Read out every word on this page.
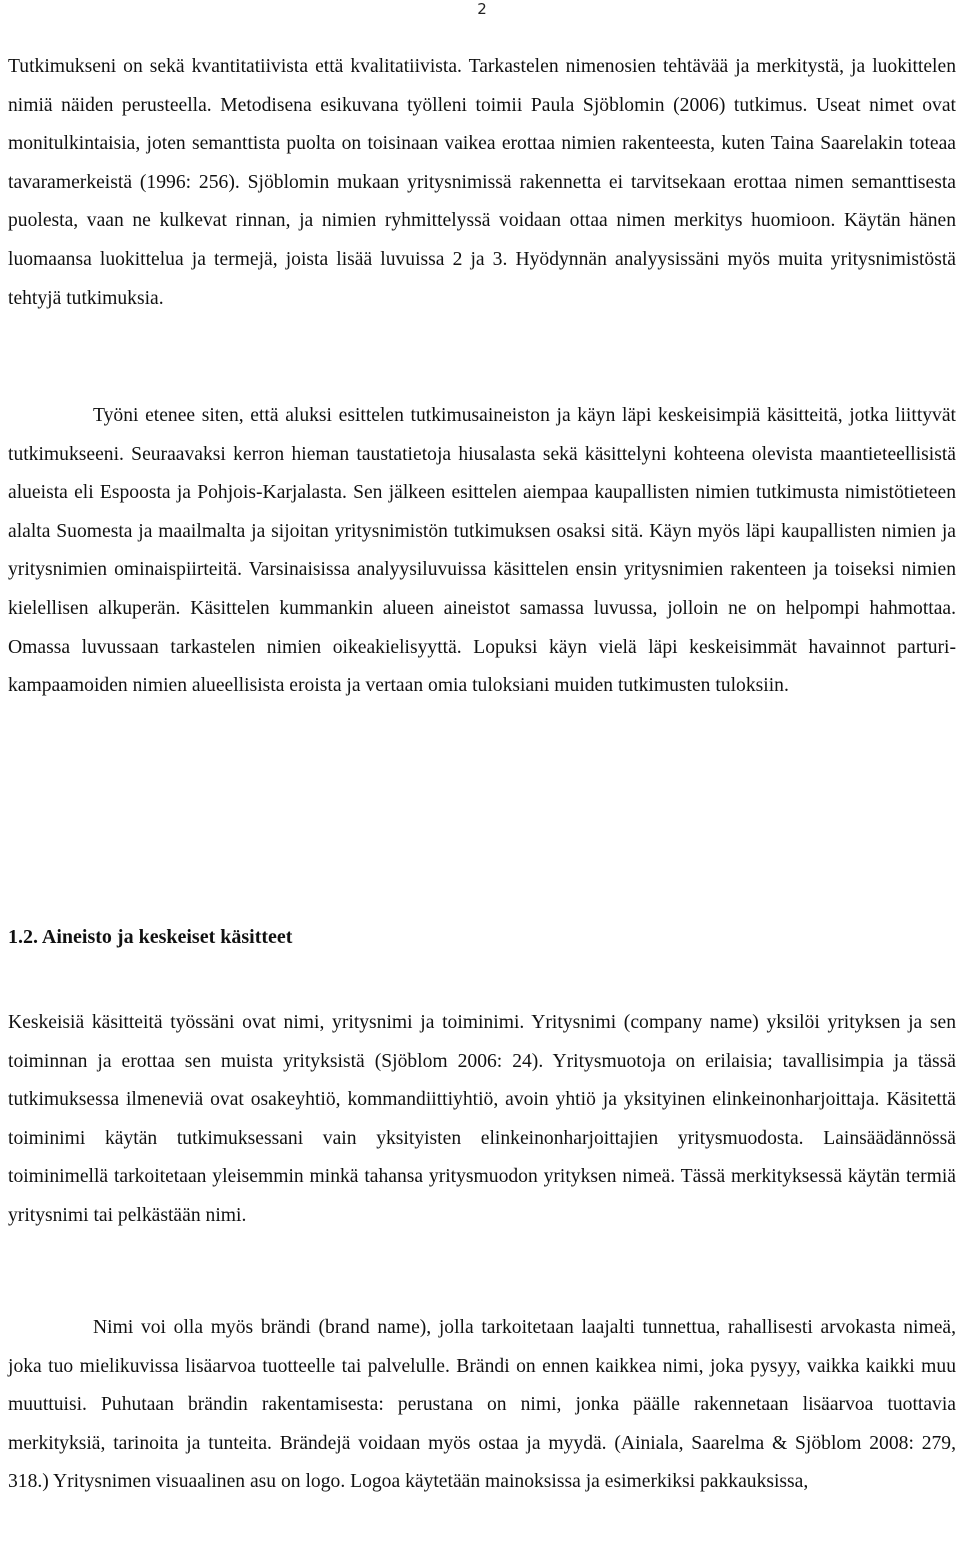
2

Tutkimukseni on sekä kvantitatiivista että kvalitatiivista. Tarkastelen nimenosien tehtävää ja merkitystä, ja luokittelen nimiä näiden perusteella. Metodisena esikuvana työlleni toimii Paula Sjöblomin (2006) tutkimus. Useat nimet ovat monitulkintaisia, joten semanttista puolta on toisinaan vaikea erottaa nimien rakenteesta, kuten Taina Saarelakin toteaa tavaramerkeistä (1996: 256). Sjöblomin mukaan yritysnimissä rakennetta ei tarvitsekaan erottaa nimen semanttisesta puolesta, vaan ne kulkevat rinnan, ja nimien ryhmittelyssä voidaan ottaa nimen merkitys huomioon. Käytän hänen luomaansa luokittelua ja termejä, joista lisää luvuissa 2 ja 3. Hyödynnän analyysissäni myös muita yritysnimistöstä tehtyjä tutkimuksia.

Työni etenee siten, että aluksi esittelen tutkimusaineiston ja käyn läpi keskeisimpiä käsitteitä, jotka liittyvät tutkimukseeni. Seuraavaksi kerron hieman taustatietoja hiusalasta sekä käsittelyni kohteena olevista maantieteellisistä alueista eli Espoosta ja Pohjois-Karjalasta. Sen jälkeen esittelen aiempaa kaupallisten nimien tutkimusta nimistötieteen alalta Suomesta ja maailmalta ja sijoitan yritysnimistön tutkimuksen osaksi sitä. Käyn myös läpi kaupallisten nimien ja yritysnimien ominaispiirteitä. Varsinaisissa analyysiluvuissa käsittelen ensin yritysnimien rakenteen ja toiseksi nimien kielellisen alkuperän. Käsittelen kummankin alueen aineistot samassa luvussa, jolloin ne on helpompi hahmottaa. Omassa luvussaan tarkastelen nimien oikeakielisyyttä. Lopuksi käyn vielä läpi keskeisimmät havainnot parturi-kampaamoiden nimien alueellisista eroista ja vertaan omia tuloksiani muiden tutkimusten tuloksiin.

1.2. Aineisto ja keskeiset käsitteet

Keskeisiä käsitteitä työssäni ovat nimi, yritysnimi ja toiminimi. Yritysnimi (company name) yksilöi yrityksen ja sen toiminnan ja erottaa sen muista yrityksistä (Sjöblom 2006: 24). Yritysmuotoja on erilaisia; tavallisimpia ja tässä tutkimuksessa ilmeneviä ovat osakeyhtiö, kommandiittiyhtiö, avoin yhtiö ja yksityinen elinkeinonharjoittaja. Käsitettä toiminimi käytän tutkimuksessani vain yksityisten elinkeinonharjoittajien yritysmuodosta. Lainsäädännössä toiminimellä tarkoitetaan yleisemmin minkä tahansa yritysmuodon yrityksen nimeä. Tässä merkityksessä käytän termiä yritysnimi tai pelkästään nimi.

Nimi voi olla myös brändi (brand name), jolla tarkoitetaan laajalti tunnettua, rahallisesti arvokasta nimeä, joka tuo mielikuvissa lisäarvoa tuotteelle tai palvelulle. Brändi on ennen kaikkea nimi, joka pysyy, vaikka kaikki muu muuttuisi. Puhutaan brändin rakentamisesta: perustana on nimi, jonka päälle rakennetaan lisäarvoa tuottavia merkityksiä, tarinoita ja tunteita. Brändejä voidaan myös ostaa ja myydä. (Ainiala, Saarelma & Sjöblom 2008: 279, 318.) Yritysnimen visuaalinen asu on logo. Logoa käytetään mainoksissa ja esimerkiksi pakkauksissa,
